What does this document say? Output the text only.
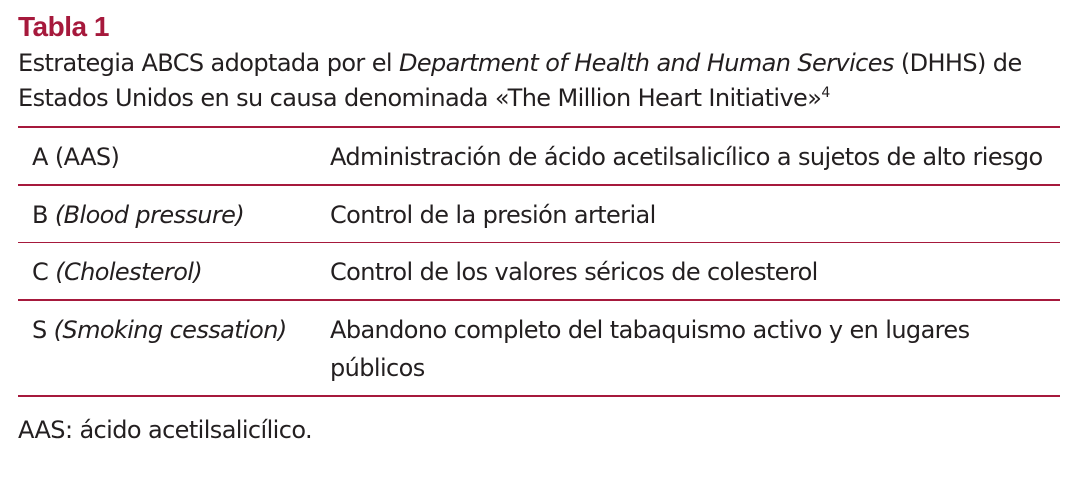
Tabla 1
Estrategia ABCS adoptada por el Department of Health and Human Services (DHHS) de Estados Unidos en su causa denominada «The Million Heart Initiative»$^4$
A (AAS)	Administración de ácido acetilsalicílico a sujetos de alto riesgo

B (Blood pressure)	Control de la presión arterial

C (Cholesterol)	Control de los valores séricos de colesterol

S (Smoking cessation)	Abandono completo del tabaquismo activo y en lugares públicos
AAS: ácido acetilsalicílico.
